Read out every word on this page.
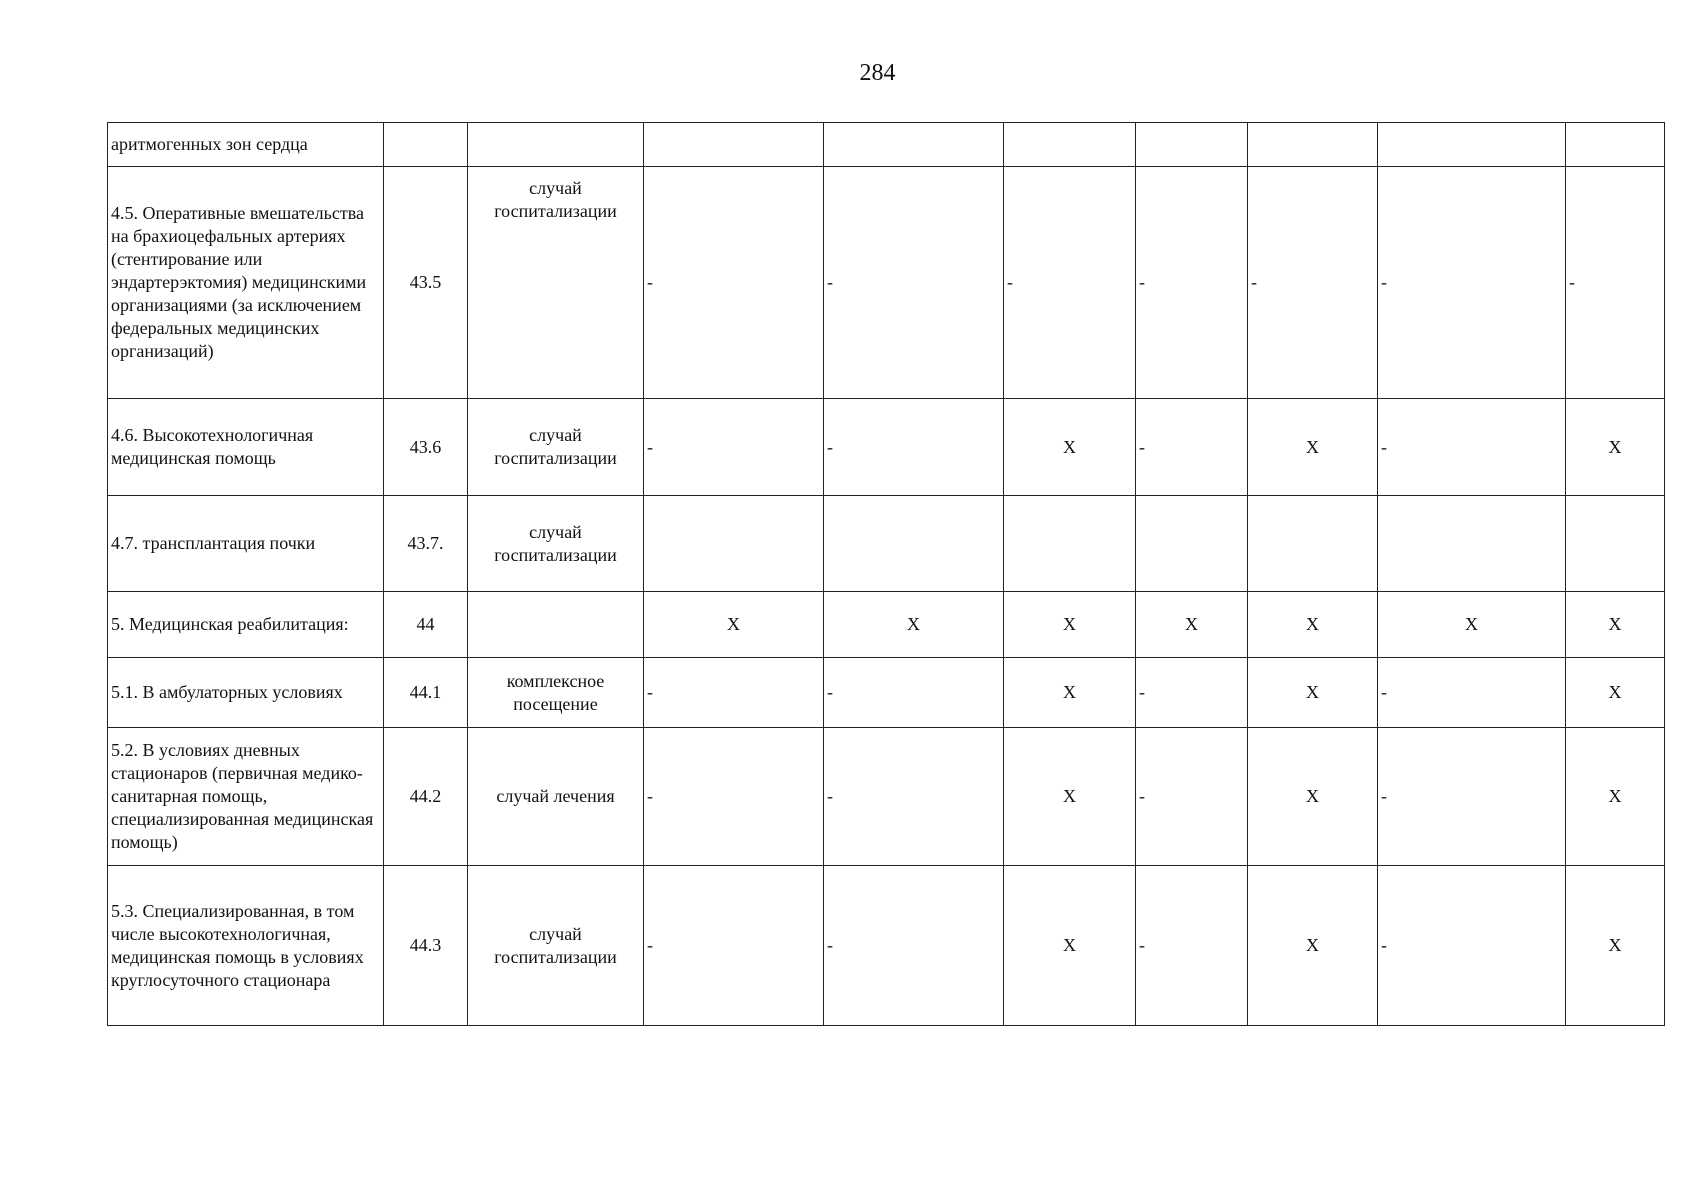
284
аритмогенных зон сердца									
4.5. Оперативные вмешательства на брахиоцефальных артериях (стентирование или эндартерэктомия) медицинскими организациями (за исключением федеральных медицинских организаций)	43.5	случай госпитализации	-	-	-	-	-	-	-
4.6. Высокотехнологичная медицинская помощь	43.6	случай госпитализации	-	-	Х	-	Х	-	Х
4.7. трансплантация почки	43.7.	случай госпитализации							
5. Медицинская реабилитация:	44		Х	Х	Х	Х	Х	Х	Х
5.1. В амбулаторных условиях	44.1	комплексное посещение	-	-	Х	-	Х	-	Х
5.2. В условиях дневных стационаров (первичная медико-санитарная помощь, специализированная медицинская помощь)	44.2	случай лечения	-	-	Х	-	Х	-	Х
5.3. Специализированная, в том числе высокотехнологичная, медицинская помощь в условиях круглосуточного стационара	44.3	случай госпитализации	-	-	Х	-	Х	-	Х
